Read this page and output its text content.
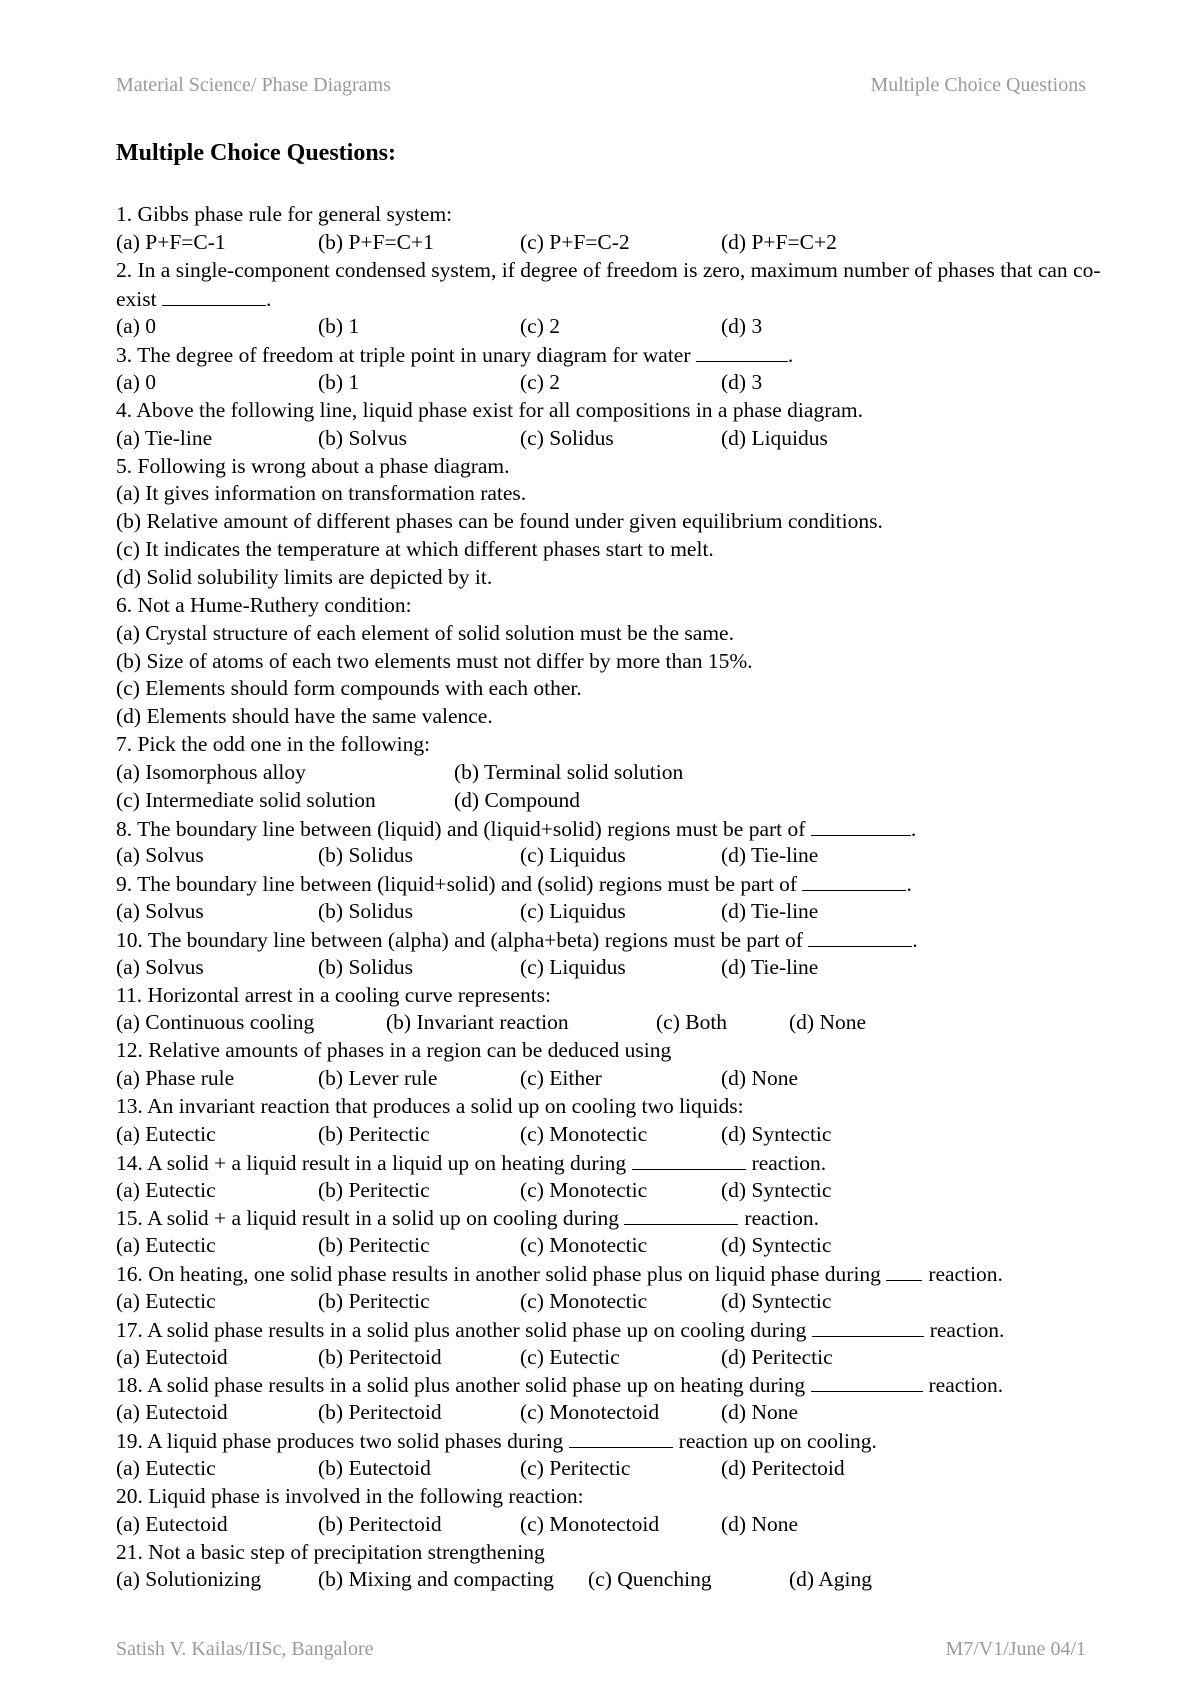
Material Science/ Phase Diagrams	Multiple Choice Questions
Multiple Choice Questions:
1. Gibbs phase rule for general system:
(a) P+F=C-1	(b) P+F=C+1	(c) P+F=C-2	(d) P+F=C+2
2. In a single-component condensed system, if degree of freedom is zero, maximum number of phases that can co-exist	.
(a) 0	(b) 1	(c) 2	(d) 3
3. The degree of freedom at triple point in unary diagram for water	.
(a) 0	(b) 1	(c) 2	(d) 3
4. Above the following line, liquid phase exist for all compositions in a phase diagram.
(a) Tie-line	(b) Solvus	(c) Solidus	(d) Liquidus
5. Following is wrong about a phase diagram.
(a) It gives information on transformation rates.
(b) Relative amount of different phases can be found under given equilibrium conditions.
(c) It indicates the temperature at which different phases start to melt.
(d) Solid solubility limits are depicted by it.
6. Not a Hume-Ruthery condition:
(a) Crystal structure of each element of solid solution must be the same.
(b) Size of atoms of each two elements must not differ by more than 15%.
(c) Elements should form compounds with each other.
(d) Elements should have the same valence.
7. Pick the odd one in the following:
(a) Isomorphous alloy	(b) Terminal solid solution
(c) Intermediate solid solution	(d) Compound
8. The boundary line between (liquid) and (liquid+solid) regions must be part of	.
(a) Solvus	(b) Solidus	(c) Liquidus	(d) Tie-line
9. The boundary line between (liquid+solid) and (solid) regions must be part of	.
(a) Solvus	(b) Solidus	(c) Liquidus	(d) Tie-line
10. The boundary line between (alpha) and (alpha+beta) regions must be part of	.
(a) Solvus	(b) Solidus	(c) Liquidus	(d) Tie-line
11. Horizontal arrest in a cooling curve represents:
(a) Continuous cooling	(b) Invariant reaction	(c) Both	(d) None
12. Relative amounts of phases in a region can be deduced using
(a) Phase rule	(b) Lever rule	(c) Either	(d) None
13. An invariant reaction that produces a solid up on cooling two liquids:
(a) Eutectic	(b) Peritectic	(c) Monotectic	(d) Syntectic
14. A solid + a liquid result in a liquid up on heating during	reaction.
(a) Eutectic	(b) Peritectic	(c) Monotectic	(d) Syntectic
15. A solid + a liquid result in a solid up on cooling during	reaction.
(a) Eutectic	(b) Peritectic	(c) Monotectic	(d) Syntectic
16. On heating, one solid phase results in another solid phase plus on liquid phase during reaction.
(a) Eutectic	(b) Peritectic	(c) Monotectic	(d) Syntectic
17. A solid phase results in a solid plus another solid phase up on cooling during	reaction.
(a) Eutectoid	(b) Peritectoid	(c) Eutectic	(d) Peritectic
18. A solid phase results in a solid plus another solid phase up on heating during	reaction.
(a) Eutectoid	(b) Peritectoid	(c) Monotectoid	(d) None
19. A liquid phase produces two solid phases during	reaction up on cooling.
(a) Eutectic	(b) Eutectoid	(c) Peritectic	(d) Peritectoid
20. Liquid phase is involved in the following reaction:
(a) Eutectoid	(b) Peritectoid	(c) Monotectoid	(d) None
21. Not a basic step of precipitation strengthening
(a) Solutionizing	(b) Mixing and compacting (c) Quenching	(d) Aging
Satish V. Kailas/IISc, Bangalore	M7/V1/June 04/1
